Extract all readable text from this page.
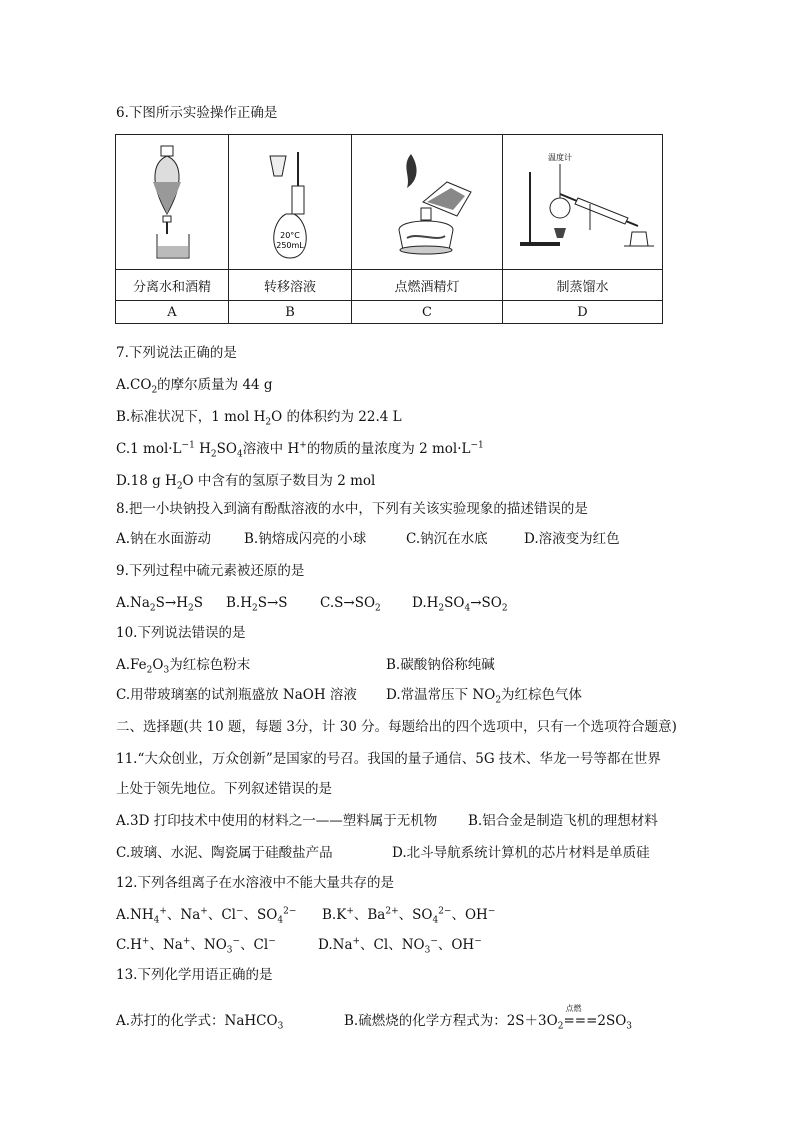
6.下图所示实验操作正确是

20°C
250mL		温度计

分离水和酒精	转移溶液	点燃酒精灯	制蒸馏水
A	B	C	D
7.下列说法正确的是
$A.CO_2$的摩尔质量为 44 g
B.标准状况下，1 mol $H_2O$ 的体积约为 22.4 L
C.1 $mol\cdot L^{-1}$ $H_2SO_4$溶液中 H+的物质的量浓度为 2 $mol\cdot L^{-1}$
D.18 g $H_2O$ 中含有的氢原子数目为 2 mol
8.把一小块钠投入到滴有酚酞溶液的水中，下列有关该实验现象的描述错误的是
A.钠在水面游动 B.钠熔成闪亮的小球	C.钠沉在水底	D.溶液变为红色
9.下列过程中硫元素被还原的是
$A.Na_2S\to H_2S$ $B.H_2S\to S$ $C.S\to SO_2$ $D.H_2SO_4\to SO_2$
10.下列说法错误的是
$A.Fe_2O_3$为红棕色粉末	B.碳酸钠俗称纯碱
C.用带玻璃塞的试剂瓶盛放 NaOH 溶液 D.常温常压下 $NO_2$为红棕色气体
二、选择题(共 10 题，每题 3分，计 30 分。每题给出的四个选项中，只有一个选项符合题意)
11.“大众创业，万众创新”是国家的号召。我国的量子通信、5G 技术、华龙一号等都在世界
上处于领先地位。下列叙述错误的是
A.3D 打印技术中使用的材料之一——塑料属于无机物 B.铝合金是制造飞机的理想材料
C.玻璃、水泥、陶瓷属于硅酸盐产品	D.北斗导航系统计算机的芯片材料是单质硅
12.下列各组离子在水溶液中不能大量共存的是
$A.NH_4^+$、Na+、Cl−、$SO_4^{2-}$ B.K+、$Ba^{2+}$、$SO_4^{2-}$、OH−
C.H+、Na+、$NO_3^-$、Cl−	D.Na+、Cl、$NO_3^-$、OH−
13.下列化学用语正确的是
A.苏打的化学式：NaHCO$_3$	B.硫燃烧的化学方程式为：$2S+3O_2$
点燃
$===2SO_3$
